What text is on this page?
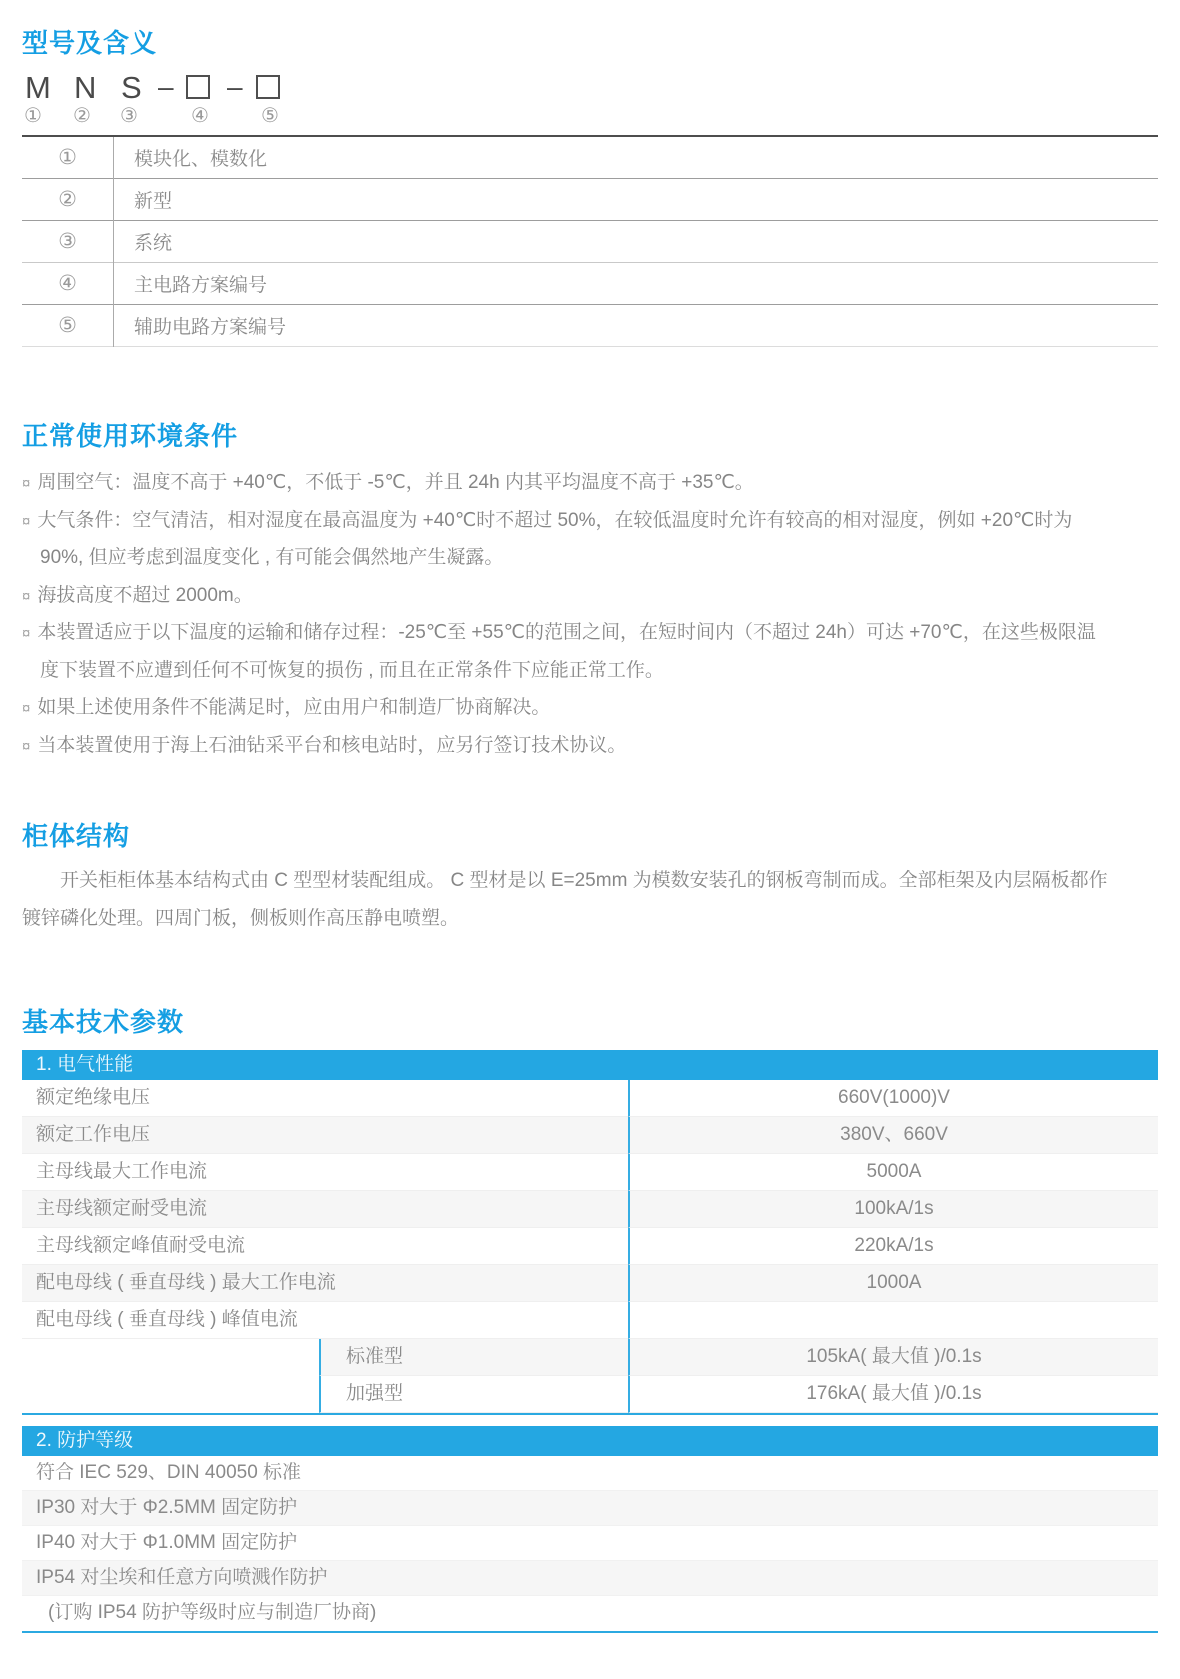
型号及含义
M N S – –
① ② ③	④	⑤
①	模块化、模数化
②	新型
③	系统
④	主电路方案编号
⑤	辅助电路方案编号
正常使用环境条件
¤ 周围空气：温度不高于 +40℃，不低于 -5℃，并且 24h 内其平均温度不高于 +35℃。
¤ 大气条件：空气清洁，相对湿度在最高温度为 +40℃时不超过 50%，在较低温度时允许有较高的相对湿度，例如 +20℃时为
90%, 但应考虑到温度变化 , 有可能会偶然地产生凝露。
¤ 海拔高度不超过 2000m。
¤ 本装置适应于以下温度的运输和储存过程：-25℃至 +55℃的范围之间，在短时间内（不超过 24h）可达 +70℃，在这些极限温
度下装置不应遭到任何不可恢复的损伤 , 而且在正常条件下应能正常工作。
¤ 如果上述使用条件不能满足时，应由用户和制造厂协商解决。
¤ 当本装置使用于海上石油钻采平台和核电站时，应另行签订技术协议。
柜体结构
开关柜柜体基本结构式由 C 型型材装配组成。 C 型材是以 E=25mm 为模数安装孔的钢板弯制而成。全部柜架及内层隔板都作
镀锌磷化处理。四周门板，侧板则作高压静电喷塑。
基本技术参数
1. 电气性能
额定绝缘电压	660V(1000)V
额定工作电压	380V、660V
主母线最大工作电流	5000A
主母线额定耐受电流	100kA/1s
主母线额定峰值耐受电流	220kA/1s
配电母线 ( 垂直母线 ) 最大工作电流	1000A
配电母线 ( 垂直母线 ) 峰值电流
标准型	105kA( 最大值 )/0.1s
加强型	176kA( 最大值 )/0.1s
2. 防护等级
符合 IEC 529、DIN 40050 标准
IP30 对大于 Φ2.5MM 固定防护
IP40 对大于 Φ1.0MM 固定防护
IP54 对尘埃和任意方向喷溅作防护
(订购 IP54 防护等级时应与制造厂协商)
